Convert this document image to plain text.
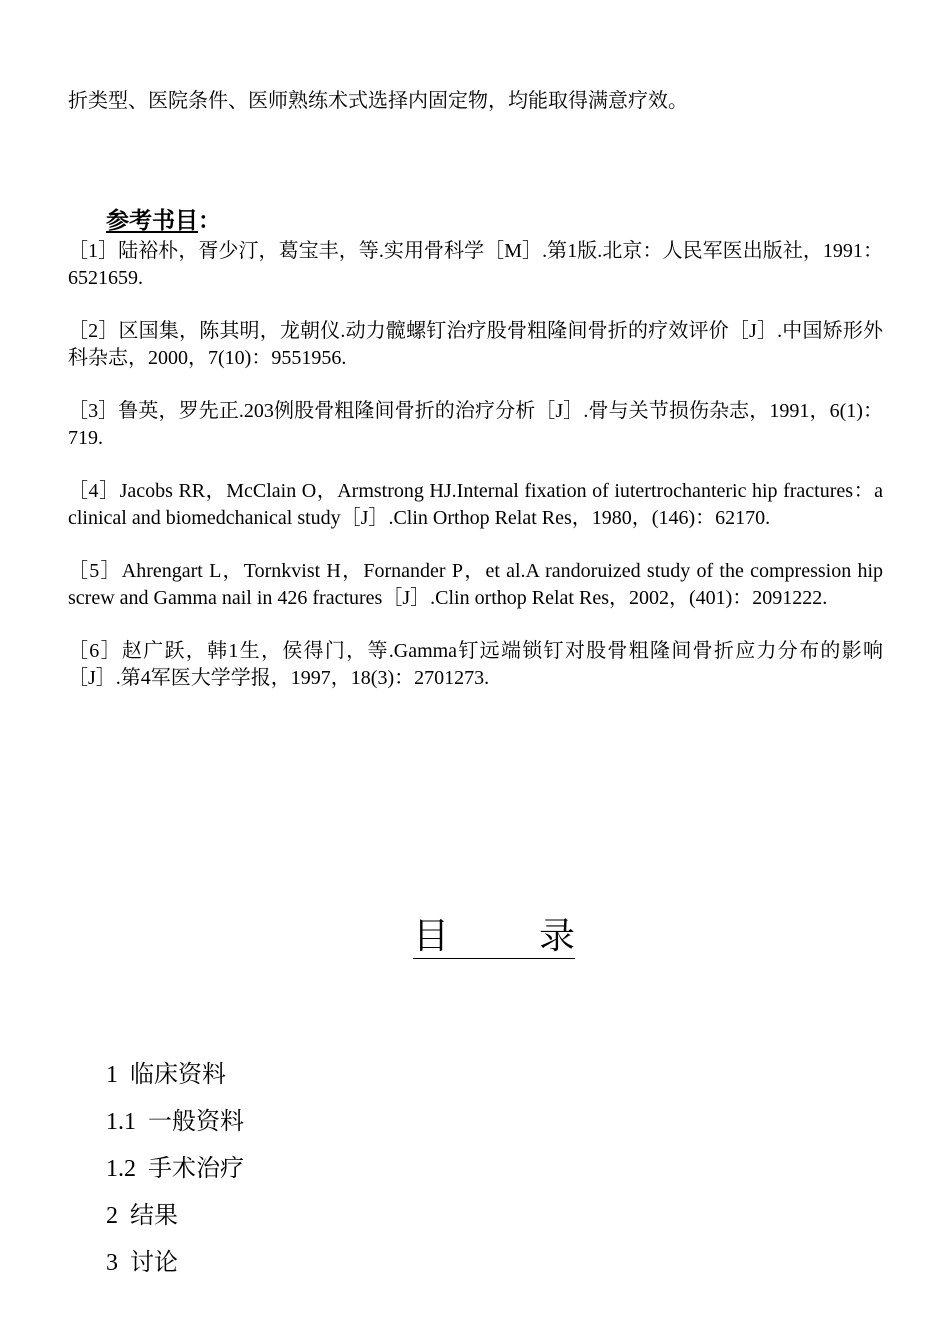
折类型、医院条件、医师熟练术式选择内固定物，均能取得满意疗效。

参考书目：

［1］陆裕朴，胥少汀，葛宝丰，等.实用骨科学［M］.第1版.北京：人民军医出版社，1991：6521659.

［2］区国集，陈其明，龙朝仪.动力髋螺钉治疗股骨粗隆间骨折的疗效评价［J］.中国矫形外科杂志，2000，7(10)：9551956.

［3］鲁英，罗先正.203例股骨粗隆间骨折的治疗分析［J］.骨与关节损伤杂志，1991，6(1)：719.

［4］Jacobs RR，McClain O，Armstrong HJ.Internal fixation of iutertrochanteric hip fractures：a clinical and biomedchanical study［J］.Clin Orthop Relat Res，1980，(146)：62170.

［5］Ahrengart L，Tornkvist H，Fornander P，et al.A randoruized study of the compression hip screw and Gamma nail in 426 fractures［J］.Clin orthop Relat Res，2002，(401)：2091222.

［6］赵广跃，韩1生，侯得门，等.Gamma钉远端锁钉对股骨粗隆间骨折应力分布的影响［J］.第4军医大学学报，1997，18(3)：2701273.

目 录
1 临床资料
1.1 一般资料
1.2 手术治疗
2 结果
3 讨论
